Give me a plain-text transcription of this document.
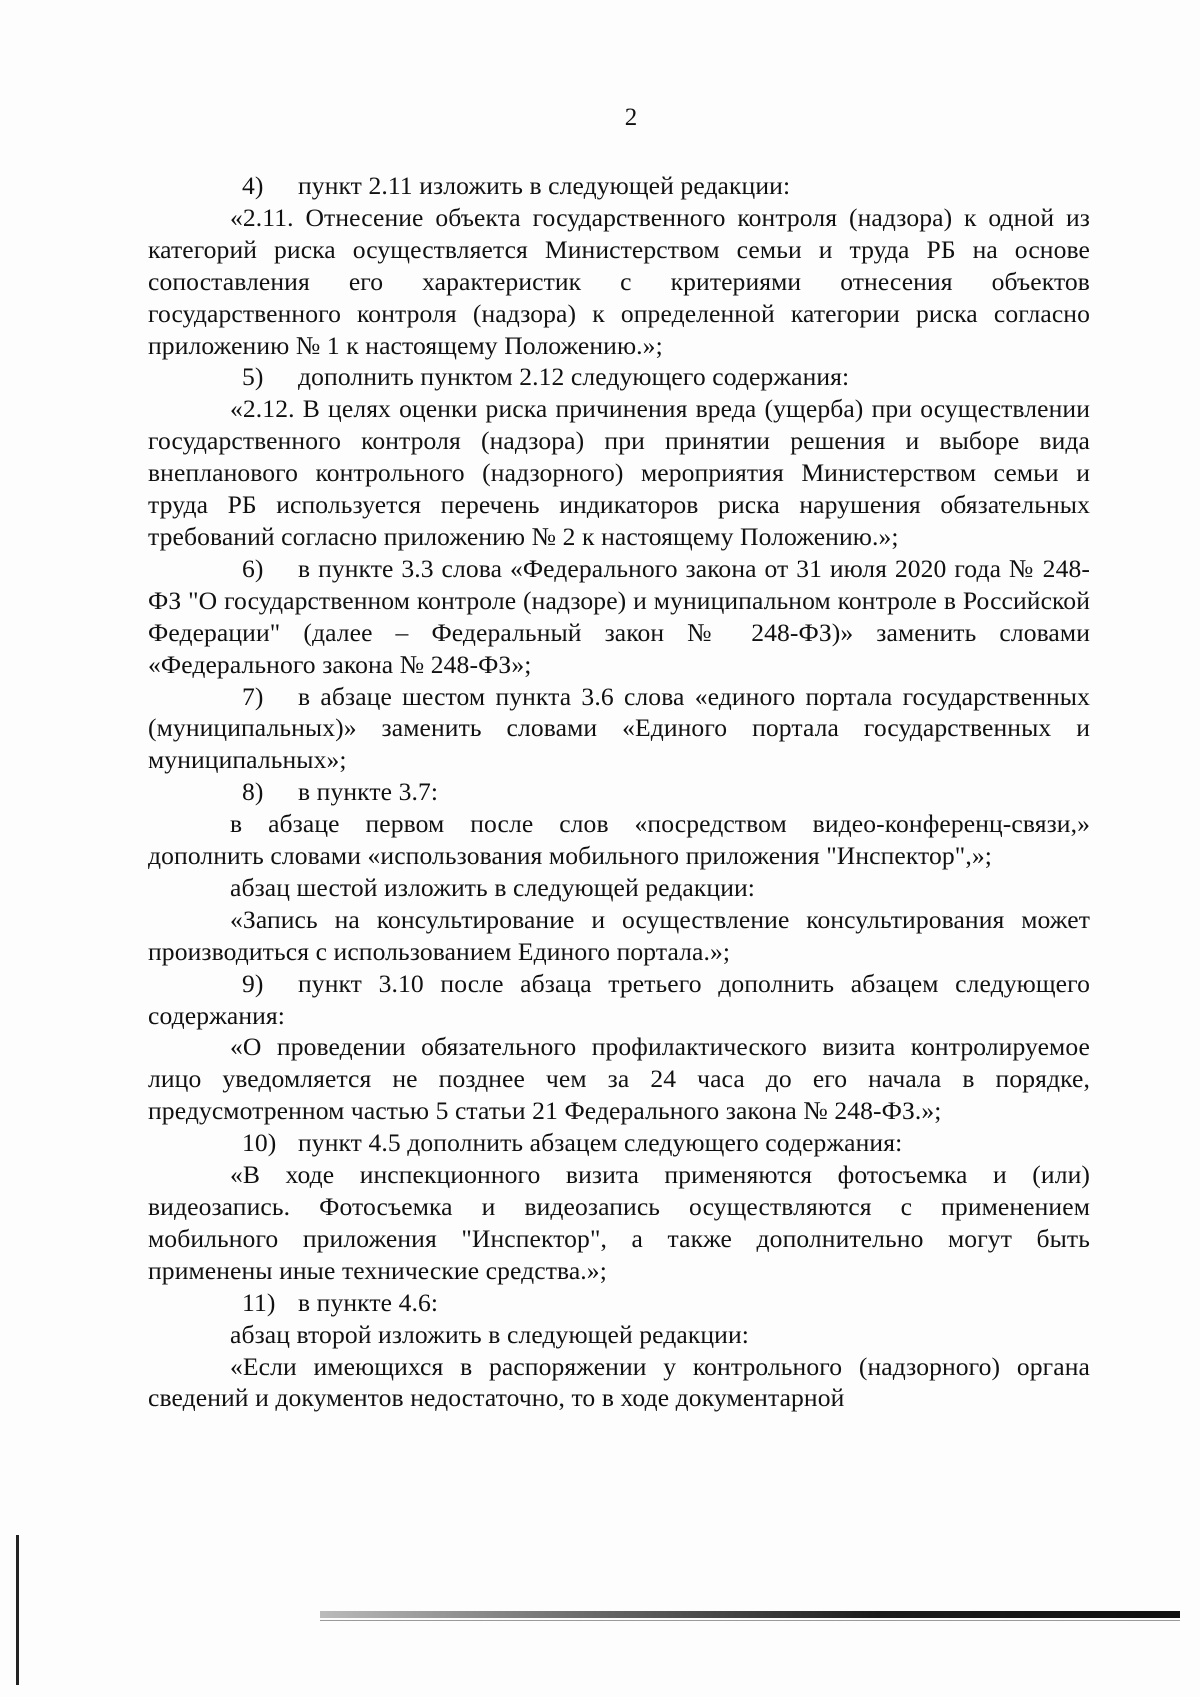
2

4) пункт 2.11 изложить в следующей редакции:

«2.11. Отнесение объекта государственного контроля (надзора) к одной из категорий риска осуществляется Министерством семьи и труда РБ на основе сопоставления его характеристик с критериями отнесения объектов государственного контроля (надзора) к определенной категории риска согласно приложению № 1 к настоящему Положению.»;

5) дополнить пунктом 2.12 следующего содержания:

«2.12. В целях оценки риска причинения вреда (ущерба) при осуществлении государственного контроля (надзора) при принятии решения и выборе вида внепланового контрольного (надзорного) мероприятия Министерством семьи и труда РБ используется перечень индикаторов риска нарушения обязательных требований согласно приложению № 2 к настоящему Положению.»;

6) в пункте 3.3 слова «Федерального закона от 31 июля 2020 года № 248-ФЗ "О государственном контроле (надзоре) и муниципальном контроле в Российской Федерации" (далее – Федеральный закон № 248-ФЗ)» заменить словами «Федерального закона № 248-ФЗ»;

7) в абзаце шестом пункта 3.6 слова «единого портала государственных (муниципальных)» заменить словами «Единого портала государственных и муниципальных»;

8) в пункте 3.7:

в абзаце первом после слов «посредством видео-конференц-связи,» дополнить словами «использования мобильного приложения "Инспектор",»;

абзац шестой изложить в следующей редакции:

«Запись на консультирование и осуществление консультирования может производиться с использованием Единого портала.»;

9) пункт 3.10 после абзаца третьего дополнить абзацем следующего содержания:

«О проведении обязательного профилактического визита контролируемое лицо уведомляется не позднее чем за 24 часа до его начала в порядке, предусмотренном частью 5 статьи 21 Федерального закона № 248-ФЗ.»;

10) пункт 4.5 дополнить абзацем следующего содержания:

«В ходе инспекционного визита применяются фотосъемка и (или) видеозапись. Фотосъемка и видеозапись осуществляются с применением мобильного приложения "Инспектор", а также дополнительно могут быть применены иные технические средства.»;

11) в пункте 4.6:

абзац второй изложить в следующей редакции:

«Если имеющихся в распоряжении у контрольного (надзорного) органа сведений и документов недостаточно, то в ходе документарной
